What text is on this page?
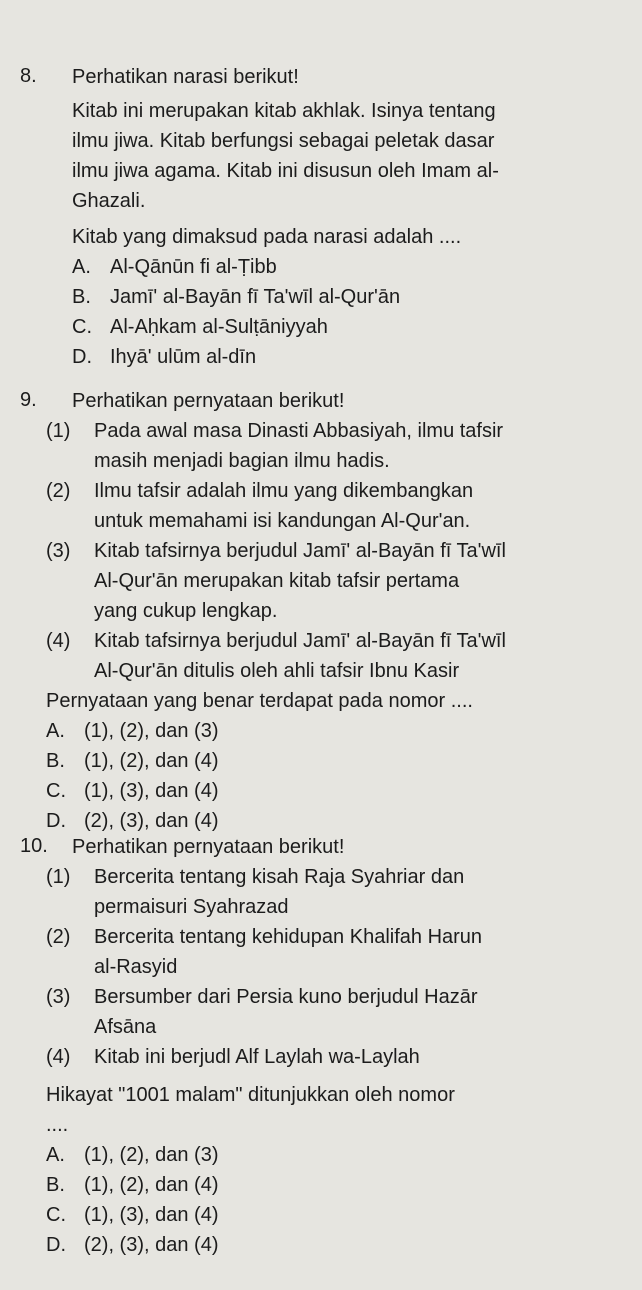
8. Perhatikan narasi berikut!
Kitab ini merupakan kitab akhlak. Isinya tentang
ilmu jiwa. Kitab berfungsi sebagai peletak dasar
ilmu jiwa agama. Kitab ini disusun oleh Imam al-
Ghazali.
Kitab yang dimaksud pada narasi adalah ....
A. Al-Qānūn fi al-Ṭibb
B. Jamī' al-Bayān fī Ta'wīl al-Qur'ān
C. Al-Aḥkam al-Sulṭāniyyah
D. Ihyā' ulūm al-dīn
9. Perhatikan pernyataan berikut!
(1) Pada awal masa Dinasti Abbasiyah, ilmu tafsir
masih menjadi bagian ilmu hadis.
(2) Ilmu tafsir adalah ilmu yang dikembangkan
untuk memahami isi kandungan Al-Qur'an.
(3) Kitab tafsirnya berjudul Jamī' al-Bayān fī Ta'wīl
Al-Qur'ān merupakan kitab tafsir pertama
yang cukup lengkap.
(4) Kitab tafsirnya berjudul Jamī' al-Bayān fī Ta'wīl
Al-Qur'ān ditulis oleh ahli tafsir Ibnu Kasir
Pernyataan yang benar terdapat pada nomor ....
A. (1), (2), dan (3)
B. (1), (2), dan (4)
C. (1), (3), dan (4)
D. (2), (3), dan (4)
10. Perhatikan pernyataan berikut!
(1) Bercerita tentang kisah Raja Syahriar dan
permaisuri Syahrazad
(2) Bercerita tentang kehidupan Khalifah Harun
al-Rasyid
(3) Bersumber dari Persia kuno berjudul Hazār
Afsāna
(4) Kitab ini berjudl Alf Laylah wa-Laylah
Hikayat "1001 malam" ditunjukkan oleh nomor
....
A. (1), (2), dan (3)
B. (1), (2), dan (4)
C. (1), (3), dan (4)
D. (2), (3), dan (4)
